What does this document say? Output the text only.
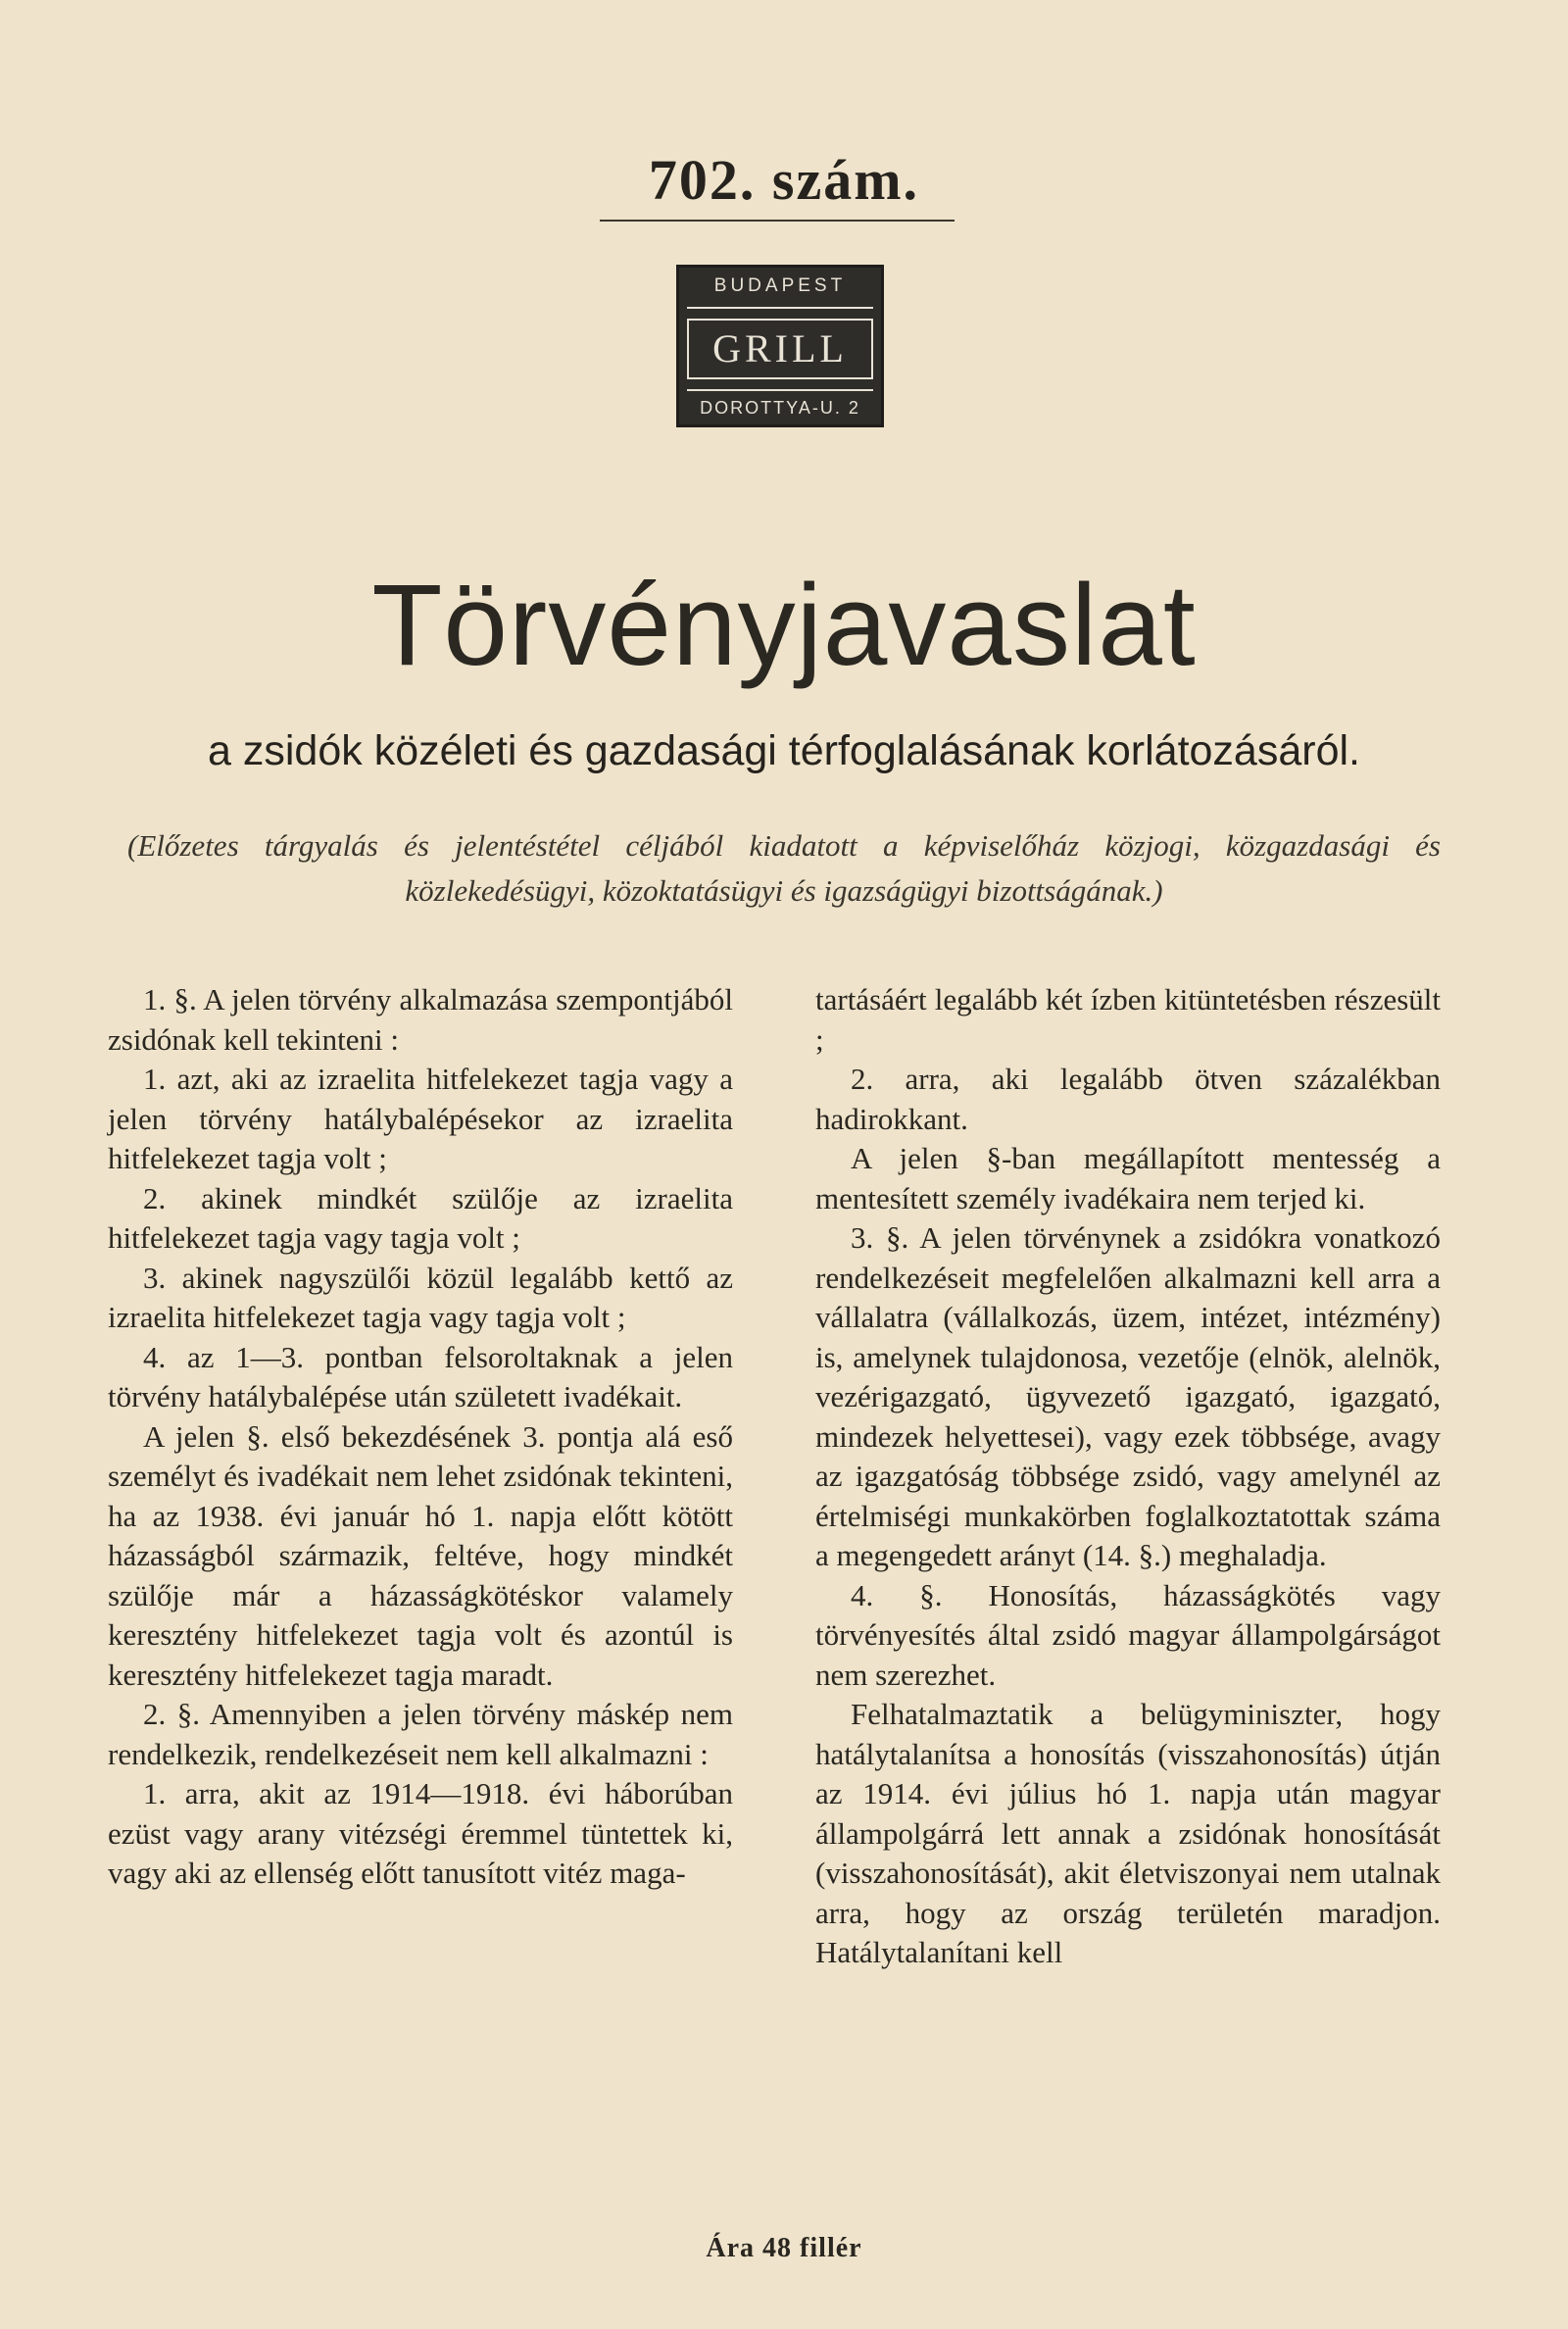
702. szám.
BUDAPEST
GRILL
DOROTTYA-U. 2
Törvényjavaslat
a zsidók közéleti és gazdasági térfoglalásának korlátozásáról.
(Előzetes tárgyalás és jelentéstétel céljából kiadatott a képviselőház közjogi, közgazdasági és közlekedésügyi, közoktatásügyi és igazságügyi bizottságának.)

1. §. A jelen törvény alkalmazása szempontjából zsidónak kell tekinteni :

1. azt, aki az izraelita hitfelekezet tagja vagy a jelen törvény hatálybalépésekor az izraelita hitfelekezet tagja volt ;

2. akinek mindkét szülője az izraelita hitfelekezet tagja vagy tagja volt ;

3. akinek nagyszülői közül legalább kettő az izraelita hitfelekezet tagja vagy tagja volt ;

4. az 1—3. pontban felsoroltaknak a jelen törvény hatálybalépése után született ivadékait.

A jelen §. első bekezdésének 3. pontja alá eső személyt és ivadékait nem lehet zsidónak tekinteni, ha az 1938. évi január hó 1. napja előtt kötött házasságból származik, feltéve, hogy mindkét szülője már a házasságkötéskor valamely keresztény hitfelekezet tagja volt és azontúl is keresztény hitfelekezet tagja maradt.

2. §. Amennyiben a jelen törvény máskép nem rendelkezik, rendelkezéseit nem kell alkalmazni :

1. arra, akit az 1914—1918. évi háborúban ezüst vagy arany vitézségi éremmel tüntettek ki, vagy aki az ellenség előtt tanusított vitéz maga-

tartásáért legalább két ízben kitüntetésben részesült ;

2. arra, aki legalább ötven százalékban hadirokkant.

A jelen §-ban megállapított mentesség a mentesített személy ivadékaira nem terjed ki.

3. §. A jelen törvénynek a zsidókra vonatkozó rendelkezéseit megfelelően alkalmazni kell arra a vállalatra (vállalkozás, üzem, intézet, intézmény) is, amelynek tulajdonosa, vezetője (elnök, alelnök, vezérigazgató, ügyvezető igazgató, igazgató, mindezek helyettesei), vagy ezek többsége, avagy az igazgatóság többsége zsidó, vagy amelynél az értelmiségi munkakörben foglalkoztatottak száma a megengedett arányt (14. §.) meghaladja.

4. §. Honosítás, házasságkötés vagy törvényesítés által zsidó magyar állampolgárságot nem szerezhet.

Felhatalmaztatik a belügyminiszter, hogy hatálytalanítsa a honosítás (visszahonosítás) útján az 1914. évi július hó 1. napja után magyar állampolgárrá lett annak a zsidónak honosítását (visszahonosítását), akit életviszonyai nem utalnak arra, hogy az ország területén maradjon. Hatálytalanítani kell

Ára 48 fillér
